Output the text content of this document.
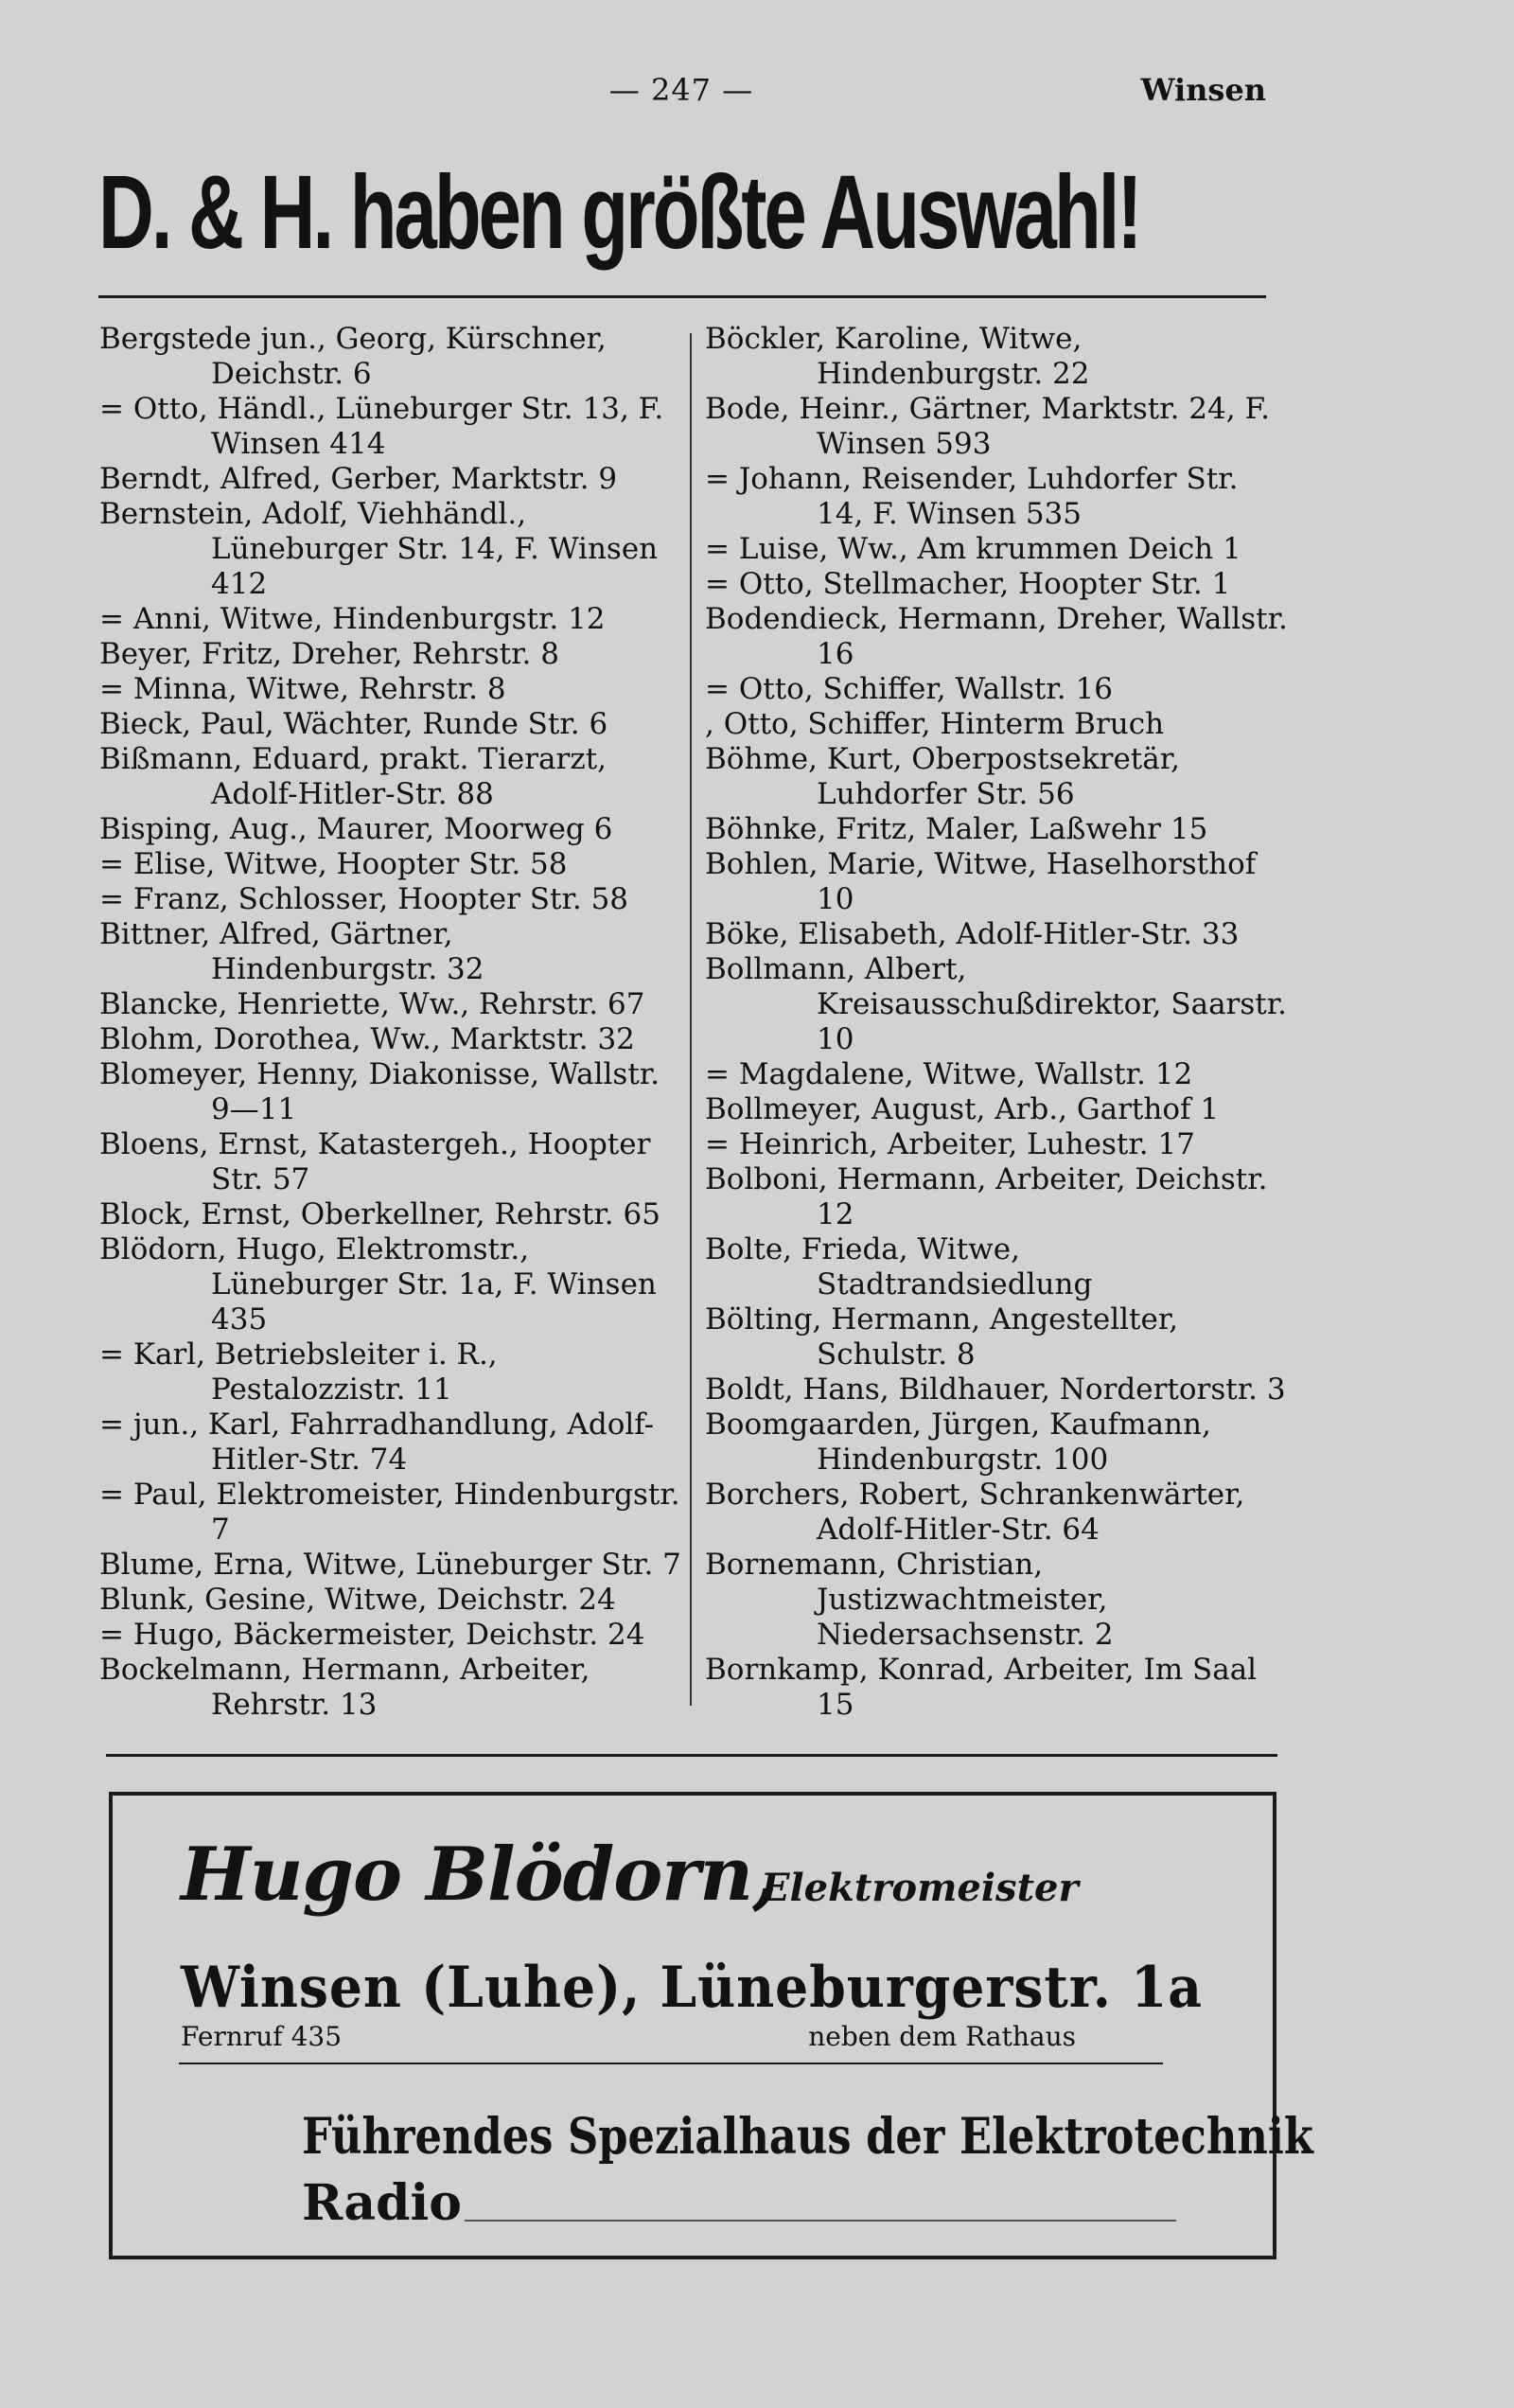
— 247 —	Winsen
D. & H. haben größte Auswahl!

Bergstede jun., Georg, Kürschner, Deichstr. 6

= Otto, Händl., Lüneburger Str. 13, F. Winsen 414

Berndt, Alfred, Gerber, Marktstr. 9

Bernstein, Adolf, Viehhändl., Lüneburger Str. 14, F. Winsen 412

= Anni, Witwe, Hindenburgstr. 12

Beyer, Fritz, Dreher, Rehrstr. 8

= Minna, Witwe, Rehrstr. 8

Bieck, Paul, Wächter, Runde Str. 6

Bißmann, Eduard, prakt. Tierarzt, Adolf-Hitler-Str. 88

Bisping, Aug., Maurer, Moorweg 6

= Elise, Witwe, Hoopter Str. 58

= Franz, Schlosser, Hoopter Str. 58

Bittner, Alfred, Gärtner, Hindenburgstr. 32

Blancke, Henriette, Ww., Rehrstr. 67

Blohm, Dorothea, Ww., Marktstr. 32

Blomeyer, Henny, Diakonisse, Wallstr. 9—11

Bloens, Ernst, Katastergeh., Hoopter Str. 57

Block, Ernst, Oberkellner, Rehrstr. 65

Blödorn, Hugo, Elektromstr., Lüneburger Str. 1a, F. Winsen 435

= Karl, Betriebsleiter i. R., Pestalozzistr. 11

= jun., Karl, Fahrradhandlung, Adolf-Hitler-Str. 74

= Paul, Elektromeister, Hindenburgstr. 7

Blume, Erna, Witwe, Lüneburger Str. 7

Blunk, Gesine, Witwe, Deichstr. 24

= Hugo, Bäckermeister, Deichstr. 24

Bockelmann, Hermann, Arbeiter, Rehrstr. 13

Böckler, Karoline, Witwe, Hindenburgstr. 22

Bode, Heinr., Gärtner, Marktstr. 24, F. Winsen 593

= Johann, Reisender, Luhdorfer Str. 14, F. Winsen 535

= Luise, Ww., Am krummen Deich 1

= Otto, Stellmacher, Hoopter Str. 1

Bodendieck, Hermann, Dreher, Wallstr. 16

= Otto, Schiffer, Wallstr. 16

, Otto, Schiffer, Hinterm Bruch

Böhme, Kurt, Oberpostsekretär, Luhdorfer Str. 56

Böhnke, Fritz, Maler, Laßwehr 15

Bohlen, Marie, Witwe, Haselhorsthof 10

Böke, Elisabeth, Adolf-Hitler-Str. 33

Bollmann, Albert, Kreisausschußdirektor, Saarstr. 10

= Magdalene, Witwe, Wallstr. 12

Bollmeyer, August, Arb., Garthof 1

= Heinrich, Arbeiter, Luhestr. 17

Bolboni, Hermann, Arbeiter, Deichstr. 12

Bolte, Frieda, Witwe, Stadtrandsiedlung

Bölting, Hermann, Angestellter, Schulstr. 8

Boldt, Hans, Bildhauer, Nordertorstr. 3

Boomgaarden, Jürgen, Kaufmann, Hindenburgstr. 100

Borchers, Robert, Schrankenwärter, Adolf-Hitler-Str. 64

Bornemann, Christian, Justizwachtmeister, Niedersachsenstr. 2

Bornkamp, Konrad, Arbeiter, Im Saal 15

Hugo Blödorn,
Elektromeister
Winsen (Luhe), Lüneburgerstr. 1a
Fernruf 435	neben dem Rathaus
Führendes Spezialhaus der Elektrotechnik
Radio
